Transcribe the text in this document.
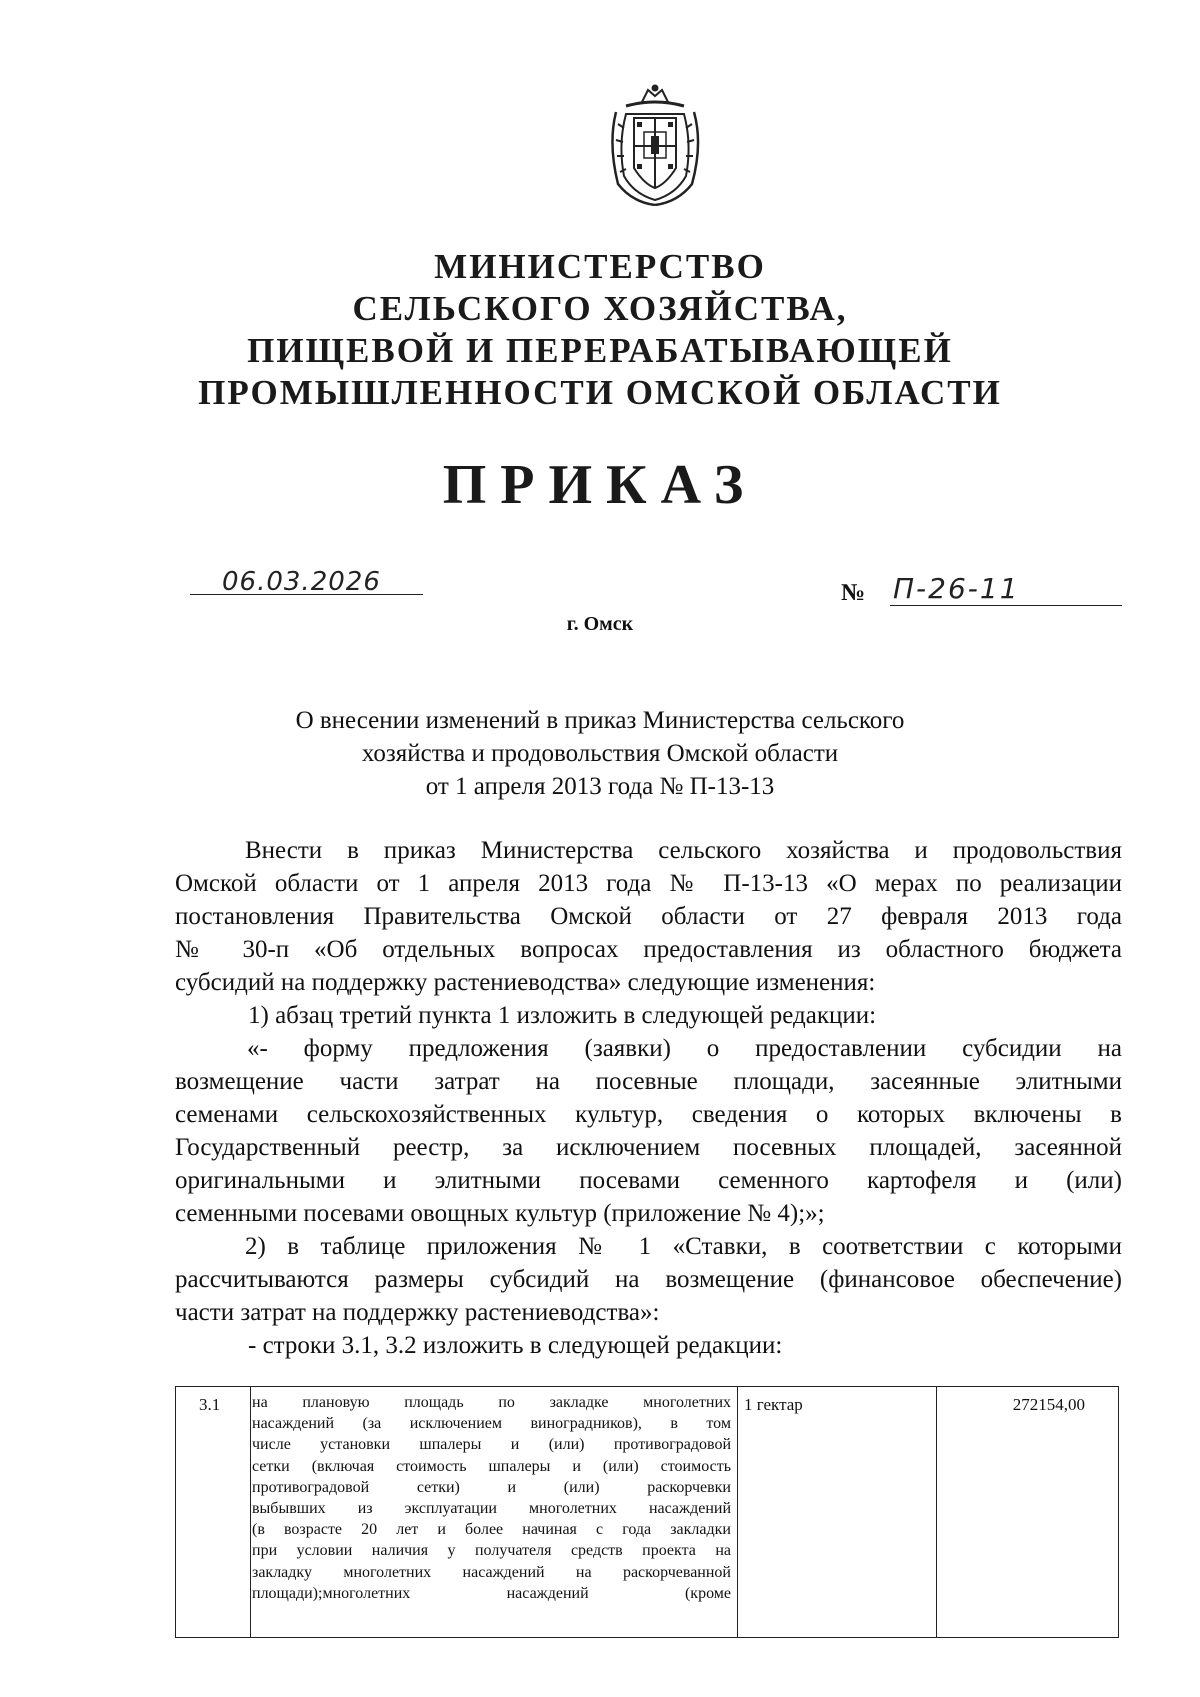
МИНИСТЕРСТВО
СЕЛЬСКОГО ХОЗЯЙСТВА,
ПИЩЕВОЙ И ПЕРЕРАБАТЫВАЮЩЕЙ
ПРОМЫШЛЕННОСТИ ОМСКОЙ ОБЛАСТИ
ПРИКАЗ
06.03.2026	№ П-26-11
г. Омск
О внесении изменений в приказ Министерства сельского
хозяйства и продовольствия Омской области
от 1 апреля 2013 года № П-13-13
Внести в приказ Министерства сельского хозяйства и продовольствия
Омской области от 1 апреля 2013 года № П-13-13 «О мерах по реализации
постановления Правительства Омской области от 27 февраля 2013 года
№ 30-п «Об отдельных вопросах предоставления из областного бюджета
субсидий на поддержку растениеводства» следующие изменения:
1) абзац третий пункта 1 изложить в следующей редакции:
«- форму предложения (заявки) о предоставлении субсидии на
возмещение части затрат на посевные площади, засеянные элитными
семенами сельскохозяйственных культур, сведения о которых включены в
Государственный реестр, за исключением посевных площадей, засеянной
оригинальными и элитными посевами семенного картофеля и (или)
семенными посевами овощных культур (приложение № 4);»;
2) в таблице приложения № 1 «Ставки, в соответствии с которыми
рассчитываются размеры субсидий на возмещение (финансовое обеспечение)
части затрат на поддержку растениеводства»:
- строки 3.1, 3.2 изложить в следующей редакции:
3.1 на плановую площадь по закладке многолетних
насаждений (за исключением виноградников), в том
числе установки шпалеры и (или) противоградовой
сетки (включая стоимость шпалеры и (или) стоимость
противоградовой сетки) и (или) раскорчевки
выбывших из эксплуатации многолетних насаждений
(в возрасте 20 лет и более начиная с года закладки
при условии наличия у получателя средств проекта на
закладку многолетних насаждений на раскорчеванной
площади);многолетних насаждений (кроме
1 гектар	272154,00
